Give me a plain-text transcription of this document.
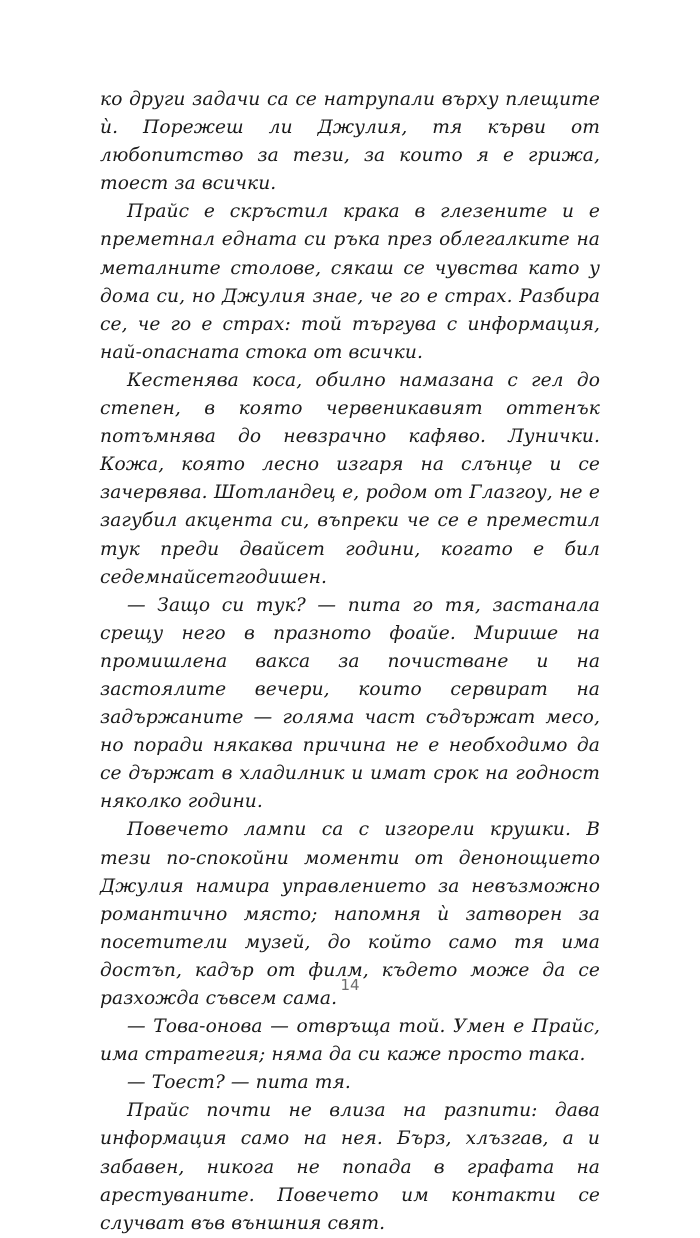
ко други задачи са се натрупали върху плещите ѝ. Порежеш ли Джулия, тя кърви от любопитство за тези, за които я е грижа, тоест за всички.

Прайс е скръстил крака в глезените и е преметнал едната си ръка през облегалките на металните столове, сякаш се чувства като у дома си, но Джулия знае, че го е страх. Разбира се, че го е страх: той търгува с информация, най-опасната стока от всички.

Кестенява коса, обилно намазана с гел до степен, в която червеникавият оттенък потъмнява до невзрачно кафяво. Лунички. Кожа, която лесно изгаря на слънце и се зачервява. Шотландец е, родом от Глазгоу, не е загубил акцента си, въпреки че се е преместил тук преди двайсет години, когато е бил седемнайсетгодишен.

— Защо си тук? — пита го тя, застанала срещу него в празното фоайе. Мирише на промишлена вакса за почистване и на застоялите вечери, които сервират на задържаните — голяма част съдържат месо, но поради някаква причина не е необходимо да се държат в хладилник и имат срок на годност няколко години.

Повечето лампи са с изгорели крушки. В тези по-спокойни моменти от денонощието Джулия намира управлението за невъзможно романтично място; напомня ѝ затворен за посетители музей, до който само тя има достъп, кадър от филм, където може да се разхожда съвсем сама.

— Това-онова — отвръща той. Умен е Прайс, има стратегия; няма да си каже просто така.

— Тоест? — пита тя.

Прайс почти не влиза на разпити: дава информация само на нея. Бърз, хлъзгав, а и забавен, никога не попада в графата на арестуваните. Повечето им контакти се случват във външния свят.

14
